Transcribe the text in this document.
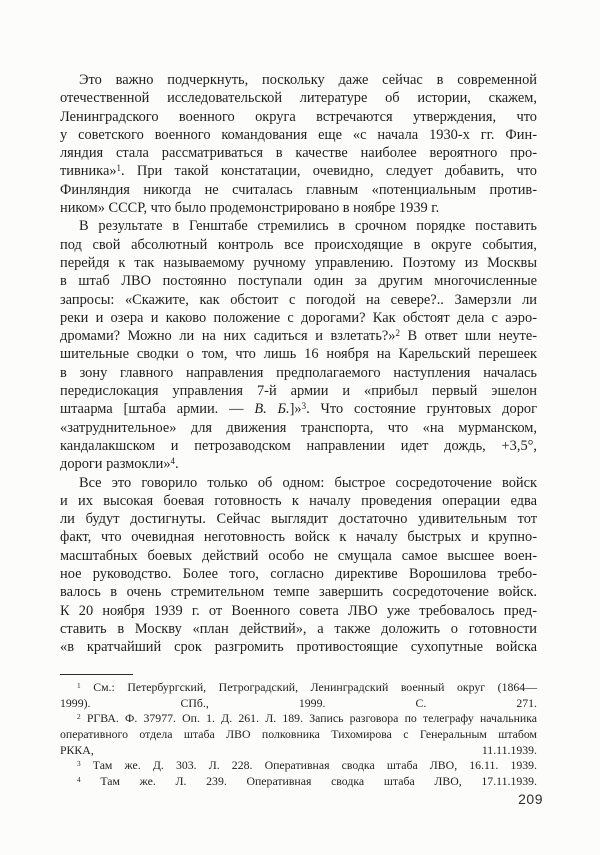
Это важно подчеркнуть, поскольку даже сейчас в современной
отечественной исследовательской литературе об истории, скажем,
Ленинградского военного округа встречаются утверждения, что
у советского военного командования еще «с начала 1930-х гг. Фин-
ляндия стала рассматриваться в качестве наиболее вероятного про-
тивника»$^1$. При такой констатации, очевидно, следует добавить, что
Финляндия никогда не считалась главным «потенциальным против-
ником» СССР, что было продемонстрировано в ноябре 1939 г.
В результате в Генштабе стремились в срочном порядке поставить
под свой абсолютный контроль все происходящие в округе события,
перейдя к так называемому ручному управлению. Поэтому из Москвы
в штаб ЛВО постоянно поступали один за другим многочисленные
запросы: «Скажите, как обстоит с погодой на севере?.. Замерзли ли
реки и озера и каково положение с дорогами? Как обстоят дела с аэро-
дромами? Можно ли на них садиться и взлетать?»$^2$ В ответ шли неуте-
шительные сводки о том, что лишь 16 ноября на Карельский перешеек
в зону главного направления предполагаемого наступления началась
передислокация управления 7-й армии и «прибыл первый эшелон
штаарма [штаба армии. — В. Б.]»$^3$. Что состояние грунтовых дорог
«затруднительное» для движения транспорта, что «на мурманском,
кандалакшском и петрозаводском направлении идет дождь, +3,5°,
дороги размокли»$^4$.
Все это говорило только об одном: быстрое сосредоточение войск
и их высокая боевая готовность к началу проведения операции едва
ли будут достигнуты. Сейчас выглядит достаточно удивительным тот
факт, что очевидная неготовность войск к началу быстрых и крупно-
масштабных боевых действий особо не смущала самое высшее воен-
ное руководство. Более того, согласно директиве Ворошилова требо-
валось в очень стремительном темпе завершить сосредоточение войск.
К 20 ноября 1939 г. от Военного совета ЛВО уже требовалось пред-
ставить в Москву «план действий», а также доложить о готовности
«в кратчайший срок разгромить противостоящие сухопутные войска
$^1$ См.: Петербургский, Петроградский, Ленинградский военный округ (1864—
1999). СПб., 1999. С. 271.
$^2$ РГВА. Ф. 37977. Оп. 1. Д. 261. Л. 189. Запись разговора по телеграфу начальника
оперативного отдела штаба ЛВО полковника Тихомирова с Генеральным штабом
РККА, 11.11.1939.
$^3$ Там же. Д. 303. Л. 228. Оперативная сводка штаба ЛВО, 16.11. 1939.
$^4$ Там же. Л. 239. Оперативная сводка штаба ЛВО, 17.11.1939.
209
